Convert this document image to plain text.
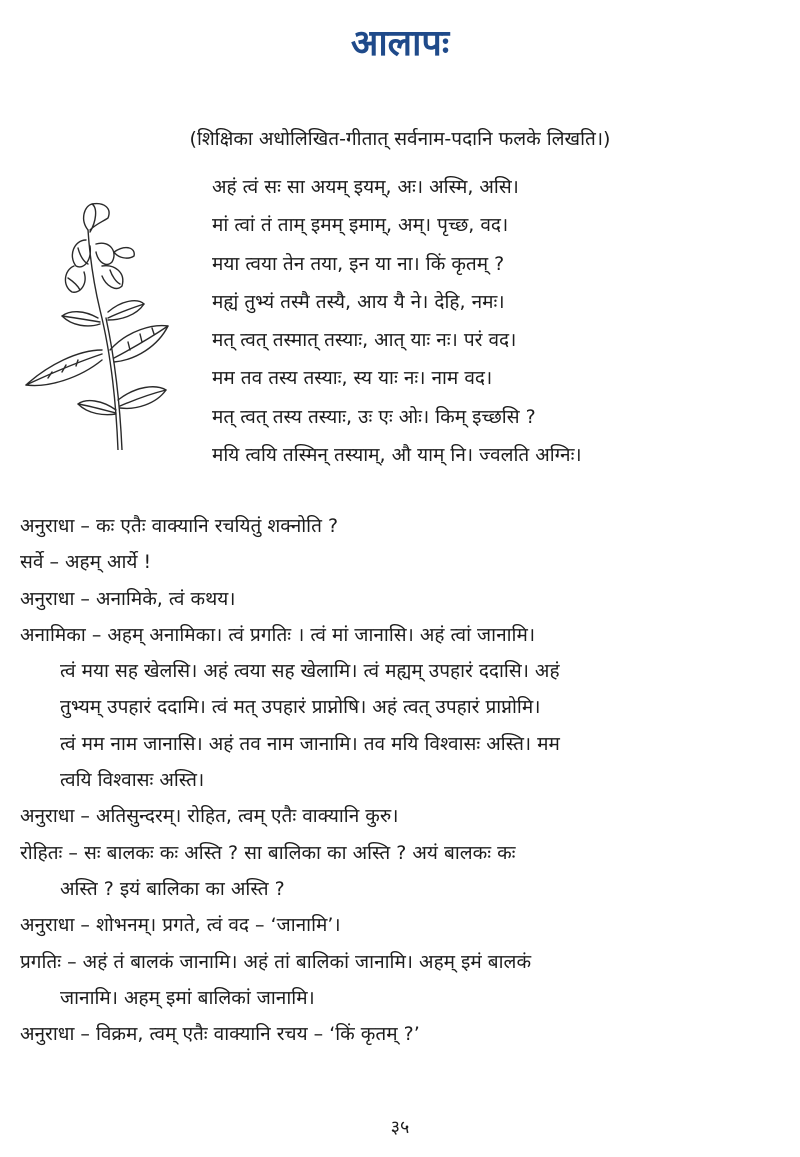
आलापः

(शिक्षिका अधोलिखित-गीतात् सर्वनाम-पदानि फलके लिखति।)

अहं त्वं सः सा अयम् इयम्, अः। अस्मि, असि।
मां त्वां तं ताम् इमम् इमाम्, अम्। पृच्छ, वद।
मया त्वया तेन तया, इन या ना। किं कृतम् ?
मह्यं तुभ्यं तस्मै तस्यै, आय यै ने। देहि, नमः।
मत् त्वत् तस्मात् तस्याः, आत् याः नः। परं वद।
मम तव तस्य तस्याः, स्य याः नः। नाम वद।
मत् त्वत् तस्य तस्याः, उः एः ओः। किम् इच्छसि ?
मयि त्वयि तस्मिन् तस्याम्, औ याम् नि। ज्वलति अग्निः।
अनुराधा – कः एतैः वाक्यानि रचयितुं शक्नोति ?
सर्वे – अहम् आर्ये !
अनुराधा – अनामिके, त्वं कथय।
अनामिका – अहम् अनामिका। त्वं प्रगतिः । त्वं मां जानासि। अहं त्वां जानामि।
त्वं मया सह खेलसि। अहं त्वया सह खेलामि। त्वं मह्यम् उपहारं ददासि। अहं
तुभ्यम् उपहारं ददामि। त्वं मत् उपहारं प्राप्नोषि। अहं त्वत् उपहारं प्राप्नोमि।
त्वं मम नाम जानासि। अहं तव नाम जानामि। तव मयि विश्वासः अस्ति। मम
त्वयि विश्वासः अस्ति।
अनुराधा – अतिसुन्दरम्। रोहित, त्वम् एतैः वाक्यानि कुरु।
रोहितः – सः बालकः कः अस्ति ? सा बालिका का अस्ति ? अयं बालकः कः
अस्ति ? इयं बालिका का अस्ति ?
अनुराधा – शोभनम्। प्रगते, त्वं वद – ‘जानामि’।
प्रगतिः – अहं तं बालकं जानामि। अहं तां बालिकां जानामि। अहम् इमं बालकं
जानामि। अहम् इमां बालिकां जानामि।
अनुराधा – विक्रम, त्वम् एतैः वाक्यानि रचय – ‘किं कृतम् ?’

३५
